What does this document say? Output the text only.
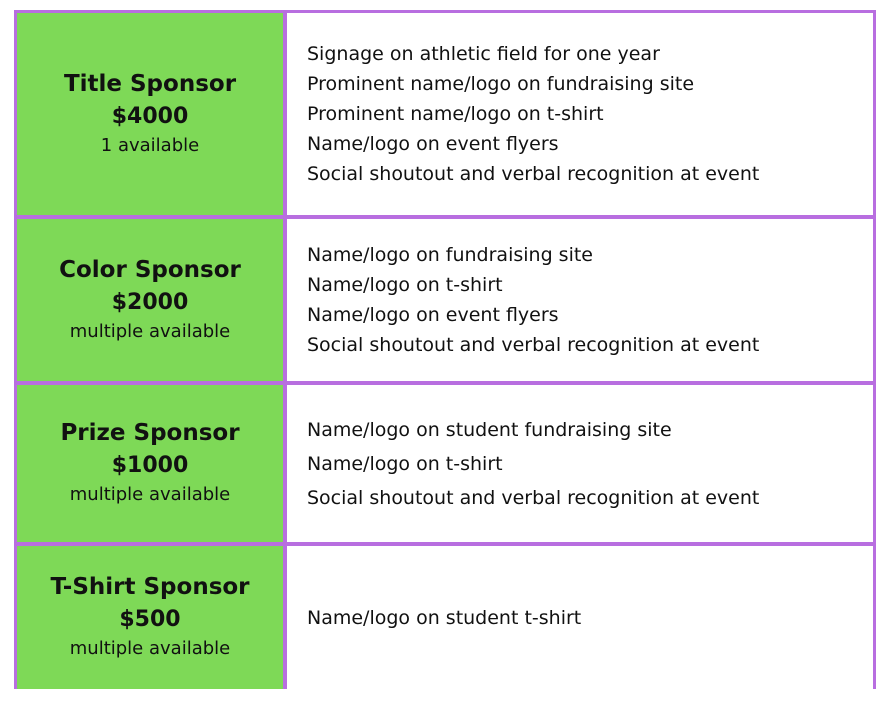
Title Sponsor
$4000
1 available
Signage on athletic field for one year
Prominent name/logo on fundraising site
Prominent name/logo on t-shirt
Name/logo on event flyers
Social shoutout and verbal recognition at event
Color Sponsor
$2000
multiple available
Name/logo on fundraising site
Name/logo on t-shirt
Name/logo on event flyers
Social shoutout and verbal recognition at event
Prize Sponsor
$1000
multiple available
Name/logo on student fundraising site
Name/logo on t-shirt
Social shoutout and verbal recognition at event
T-Shirt Sponsor
$500
multiple available
Name/logo on student t-shirt
